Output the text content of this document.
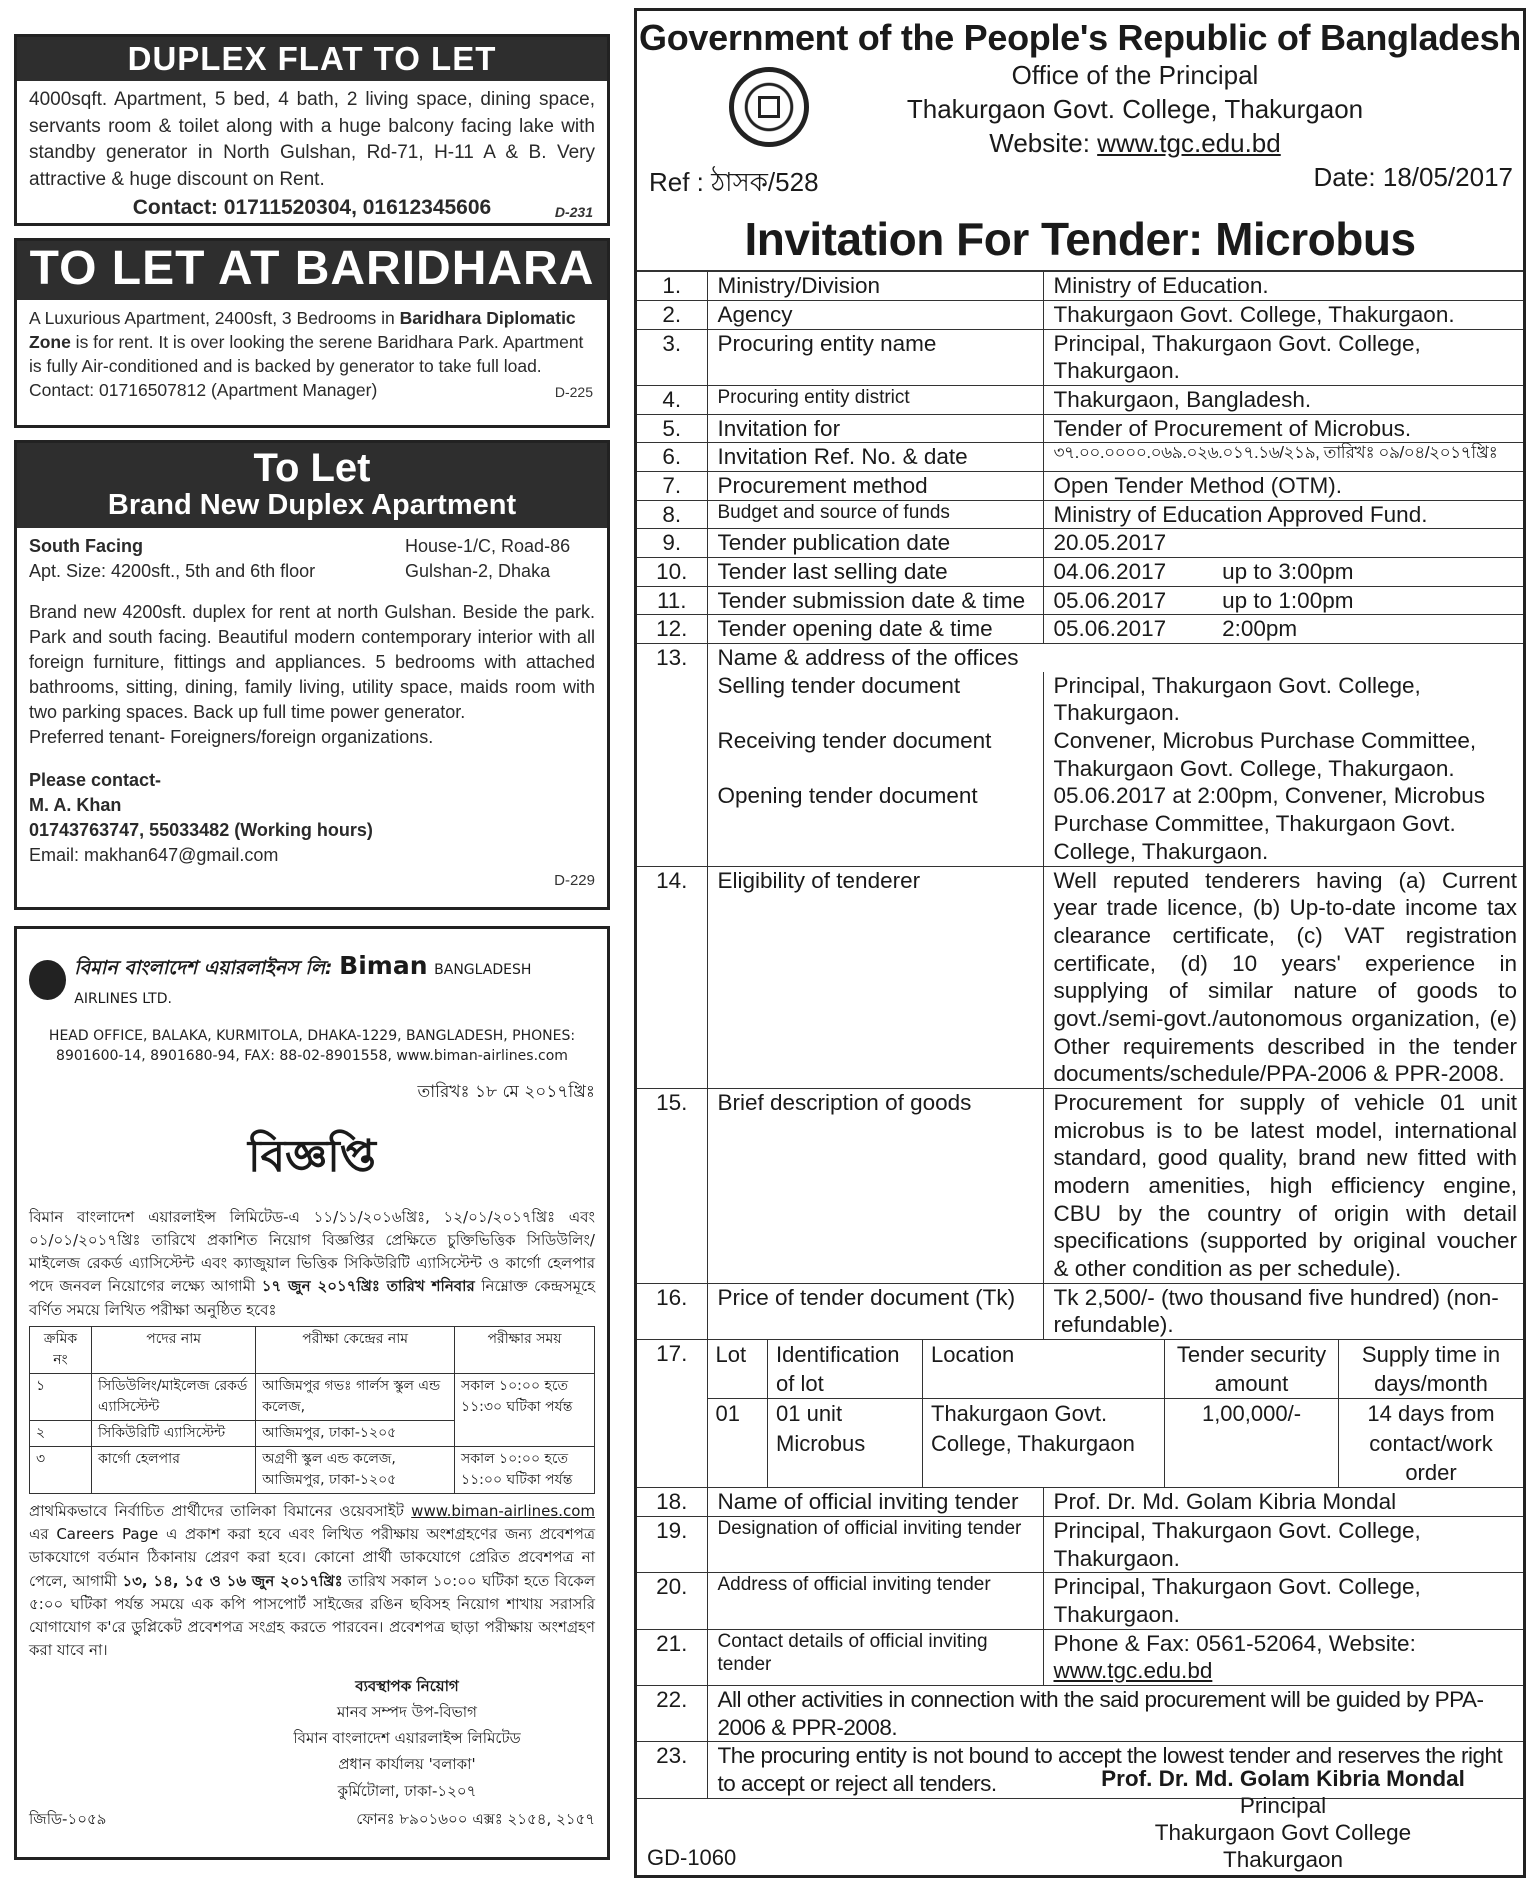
DUPLEX FLAT TO LET
4000sqft. Apartment, 5 bed, 4 bath, 2 living space, dining space, servants room & toilet along with a huge balcony facing lake with standby generator in North Gulshan, Rd-71, H-11 A & B. Very attractive & huge discount on Rent.
Contact: 01711520304, 01612345606	D-231
TO LET AT BARIDHARA
A Luxurious Apartment, 2400sft, 3 Bedrooms in Baridhara Diplomatic Zone is for rent. It is over looking the serene Baridhara Park. Apartment is fully Air-conditioned and is backed by generator to take full load.
Contact: 01716507812 (Apartment Manager)	D-225
To Let
Brand New Duplex Apartment
South Facing
Apt. Size: 4200sft., 5th and 6th floor
House-1/C, Road-86
Gulshan-2, Dhaka
Brand new 4200sft. duplex for rent at north Gulshan. Beside the park. Park and south facing. Beautiful modern contemporary interior with all foreign furniture, fittings and appliances. 5 bedrooms with attached bathrooms, sitting, dining, family living, utility space, maids room with two parking spaces. Back up full time power generator.
Preferred tenant- Foreigners/foreign organizations.
Please contact-
M. A. Khan
01743763747, 55033482 (Working hours)
Email: makhan647@gmail.com
D-229
বিমান বাংলাদেশ এয়ারলাইনস লি: Biman BANGLADESH AIRLINES LTD.
HEAD OFFICE, BALAKA, KURMITOLA, DHAKA-1229, BANGLADESH, PHONES:
8901600-14, 8901680-94, FAX: 88-02-8901558, www.biman-airlines.com
তারিখঃ ১৮ মে ২০১৭খ্রিঃ
বিজ্ঞপ্তি
বিমান বাংলাদেশ এয়ারলাইন্স লিমিটেড-এ ১১/১১/২০১৬খ্রিঃ, ১২/০১/২০১৭খ্রিঃ এবং ০১/০১/২০১৭খ্রিঃ তারিখে প্রকাশিত নিয়োগ বিজ্ঞপ্তির প্রেক্ষিতে চুক্তিভিত্তিক সিডিউলিং/মাইলেজ রেকর্ড এ্যাসিস্টেন্ট এবং ক্যাজুয়াল ভিত্তিক সিকিউরিটি এ্যাসিস্টেন্ট ও কার্গো হেলপার পদে জনবল নিয়োগের লক্ষ্যে আগামী ১৭ জুন ২০১৭খ্রিঃ তারিখ শনিবার নিম্নোক্ত কেন্দ্রসমূহে বর্ণিত সময়ে লিখিত পরীক্ষা অনুষ্ঠিত হবেঃ
ক্রমিক নং	পদের নাম	পরীক্ষা কেন্দ্রের নাম	পরীক্ষার সময়
১	সিডিউলিং/মাইলেজ রেকর্ড এ্যাসিস্টেন্ট	আজিমপুর গভঃ গার্লস স্কুল এন্ড কলেজ,	সকাল ১০:০০ হতে ১১:৩০ ঘটিকা পর্যন্ত
২	সিকিউরিটি এ্যাসিস্টেন্ট	আজিমপুর, ঢাকা-১২০৫	
৩	কার্গো হেলপার	অগ্রণী স্কুল এন্ড কলেজ, আজিমপুর, ঢাকা-১২০৫	সকাল ১০:০০ হতে ১১:০০ ঘটিকা পর্যন্ত
প্রাথমিকভাবে নির্বাচিত প্রার্থীদের তালিকা বিমানের ওয়েবসাইট www.biman-airlines.com এর Careers Page এ প্রকাশ করা হবে এবং লিখিত পরীক্ষায় অংশগ্রহণের জন্য প্রবেশপত্র ডাকযোগে বর্তমান ঠিকানায় প্রেরণ করা হবে। কোনো প্রার্থী ডাকযোগে প্রেরিত প্রবেশপত্র না পেলে, আগামী ১৩, ১৪, ১৫ ও ১৬ জুন ২০১৭খ্রিঃ তারিখ সকাল ১০:০০ ঘটিকা হতে বিকেল ৫:০০ ঘটিকা পর্যন্ত সময়ে এক কপি পাসপোর্ট সাইজের রঙিন ছবিসহ নিয়োগ শাখায় সরাসরি যোগাযোগ ক'রে ডুপ্লিকেট প্রবেশপত্র সংগ্রহ করতে পারবেন। প্রবেশপত্র ছাড়া পরীক্ষায় অংশগ্রহণ করা যাবে না।
ব্যবস্থাপক নিয়োগ
মানব সম্পদ উপ-বিভাগ
বিমান বাংলাদেশ এয়ারলাইন্স লিমিটেড
প্রধান কার্যালয় 'বলাকা'
কুর্মিটোলা, ঢাকা-১২০৭
জিডি-১০৫৯	ফোনঃ ৮৯০১৬০০ এক্সঃ ২১৫৪, ২১৫৭
Government of the People's Republic of Bangladesh
Office of the Principal
Thakurgaon Govt. College, Thakurgaon
Website: www.tgc.edu.bd
Ref : ঠাসক/528	Date: 18/05/2017
Invitation For Tender: Microbus
1.	Ministry/Division	Ministry of Education.
2.	Agency	Thakurgaon Govt. College, Thakurgaon.
3.	Procuring entity name	Principal, Thakurgaon Govt. College, Thakurgaon.
4.	Procuring entity district	Thakurgaon, Bangladesh.
5.	Invitation for	Tender of Procurement of Microbus.
6.	Invitation Ref. No. & date	৩৭.০০.০০০০.০৬৯.০২৬.০১৭.১৬/২১৯, তারিখঃ ০৯/০৪/২০১৭খ্রিঃ
7.	Procurement method	Open Tender Method (OTM).
8.	Budget and source of funds	Ministry of Education Approved Fund.
9.	Tender publication date	20.05.2017
10.	Tender last selling date	04.06.2017 up to 3:00pm
11.	Tender submission date & time	05.06.2017 up to 1:00pm
12.	Tender opening date & time	05.06.2017 2:00pm
13.	Name & address of the offices
Selling tender document	Principal, Thakurgaon Govt. College, Thakurgaon.
Receiving tender document	Convener, Microbus Purchase Committee, Thakurgaon Govt. College, Thakurgaon.
Opening tender document	05.06.2017 at 2:00pm, Convener, Microbus Purchase Committee, Thakurgaon Govt. College, Thakurgaon.
14.	Eligibility of tenderer	Well reputed tenderers having (a) Current year trade licence, (b) Up-to-date income tax clearance certificate, (c) VAT registration certificate, (d) 10 years' experience in supplying of similar nature of goods to govt./semi-govt./autonomous organization, (e) Other requirements described in the tender documents/schedule/PPA-2006 & PPR-2008.
15.	Brief description of goods	Procurement for supply of vehicle 01 unit microbus is to be latest model, international standard, good quality, brand new fitted with modern amenities, high efficiency engine, CBU by the country of origin with detail specifications (supported by original voucher & other condition as per schedule).
16.	Price of tender document (Tk)	Tk 2,500/- (two thousand five hundred) (non-refundable).
17.	Lot	Identification of lot	Location	Tender security amount	Supply time in days/month
01	01 unit Microbus	Thakurgaon Govt. College, Thakurgaon	1,00,000/-	14 days from contact/work order

18.	Name of official inviting tender	Prof. Dr. Md. Golam Kibria Mondal
19.	Designation of official inviting tender	Principal, Thakurgaon Govt. College, Thakurgaon.
20.	Address of official inviting tender	Principal, Thakurgaon Govt. College, Thakurgaon.
21.	Contact details of official inviting tender	Phone & Fax: 0561-52064, Website:
www.tgc.edu.bd
22.	All other activities in connection with the said procurement will be guided by PPA-2006 & PPR-2008.
23.	The procuring entity is not bound to accept the lowest tender and reserves the right to accept or reject all tenders.	Prof. Dr. Md. Golam Kibria Mondal
Principal
Thakurgaon Govt College
Thakurgaon
GD-1060
